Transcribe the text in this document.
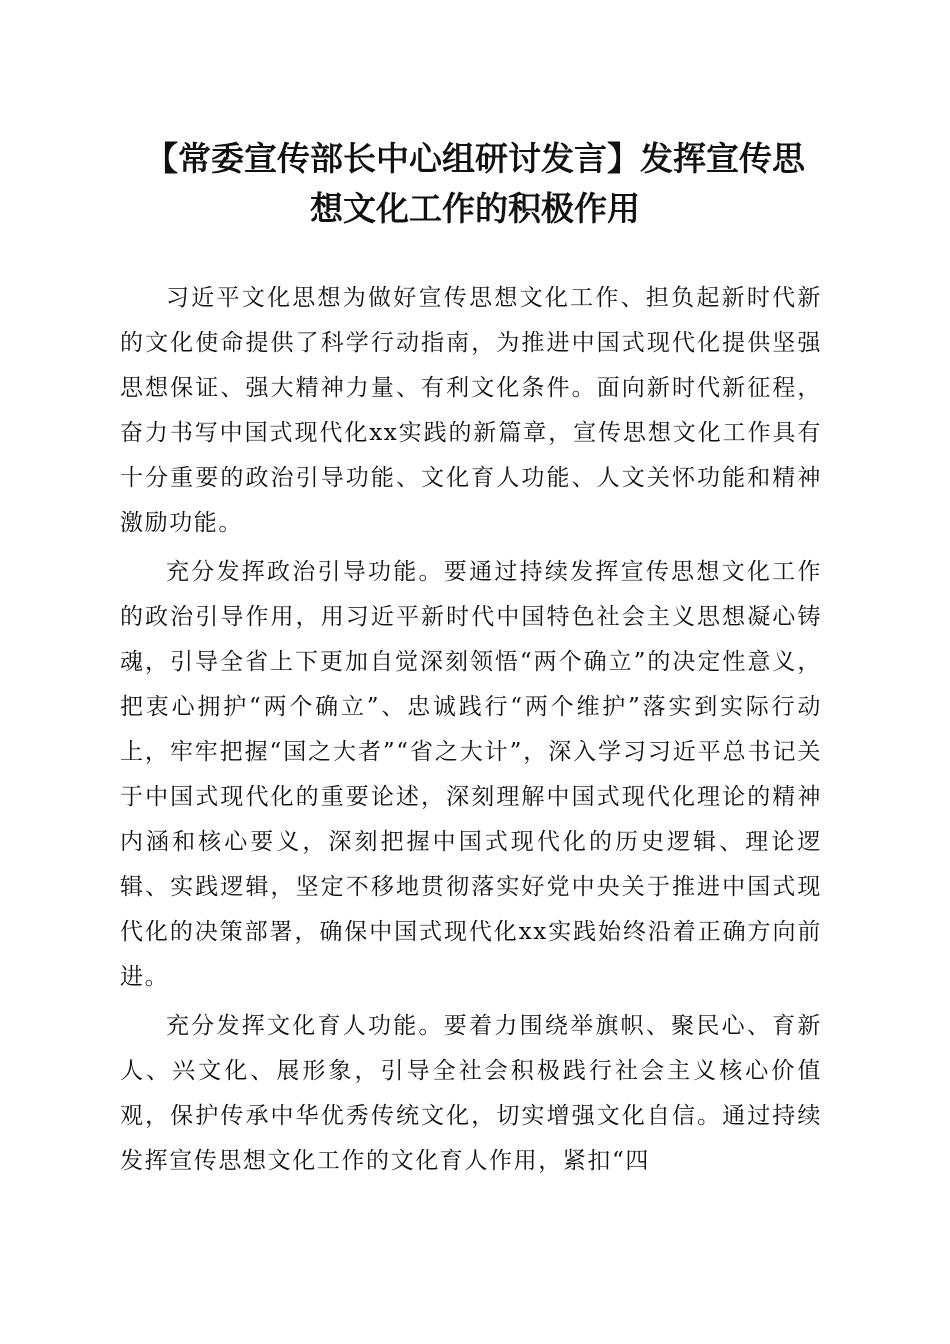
【常委宣传部长中心组研讨发言】发挥宣传思
想文化工作的积极作用

习近平文化思想为做好宣传思想文化工作、担负起新时代新的文化使命提供了科学行动指南，为推进中国式现代化提供坚强思想保证、强大精神力量、有利文化条件。面向新时代新征程，奋力书写中国式现代化xx实践的新篇章，宣传思想文化工作具有十分重要的政治引导功能、文化育人功能、人文关怀功能和精神激励功能。

充分发挥政治引导功能。要通过持续发挥宣传思想文化工作的政治引导作用，用习近平新时代中国特色社会主义思想凝心铸魂，引导全省上下更加自觉深刻领悟“两个确立”的决定性意义，把衷心拥护“两个确立”、忠诚践行“两个维护”落实到实际行动上，牢牢把握“国之大者”“省之大计”，深入学习习近平总书记关于中国式现代化的重要论述，深刻理解中国式现代化理论的精神内涵和核心要义，深刻把握中国式现代化的历史逻辑、理论逻辑、实践逻辑，坚定不移地贯彻落实好党中央关于推进中国式现代化的决策部署，确保中国式现代化xx实践始终沿着正确方向前进。

充分发挥文化育人功能。要着力围绕举旗帜、聚民心、育新人、兴文化、展形象，引导全社会积极践行社会主义核心价值观，保护传承中华优秀传统文化，切实增强文化自信。通过持续发挥宣传思想文化工作的文化育人作用，紧扣“四
